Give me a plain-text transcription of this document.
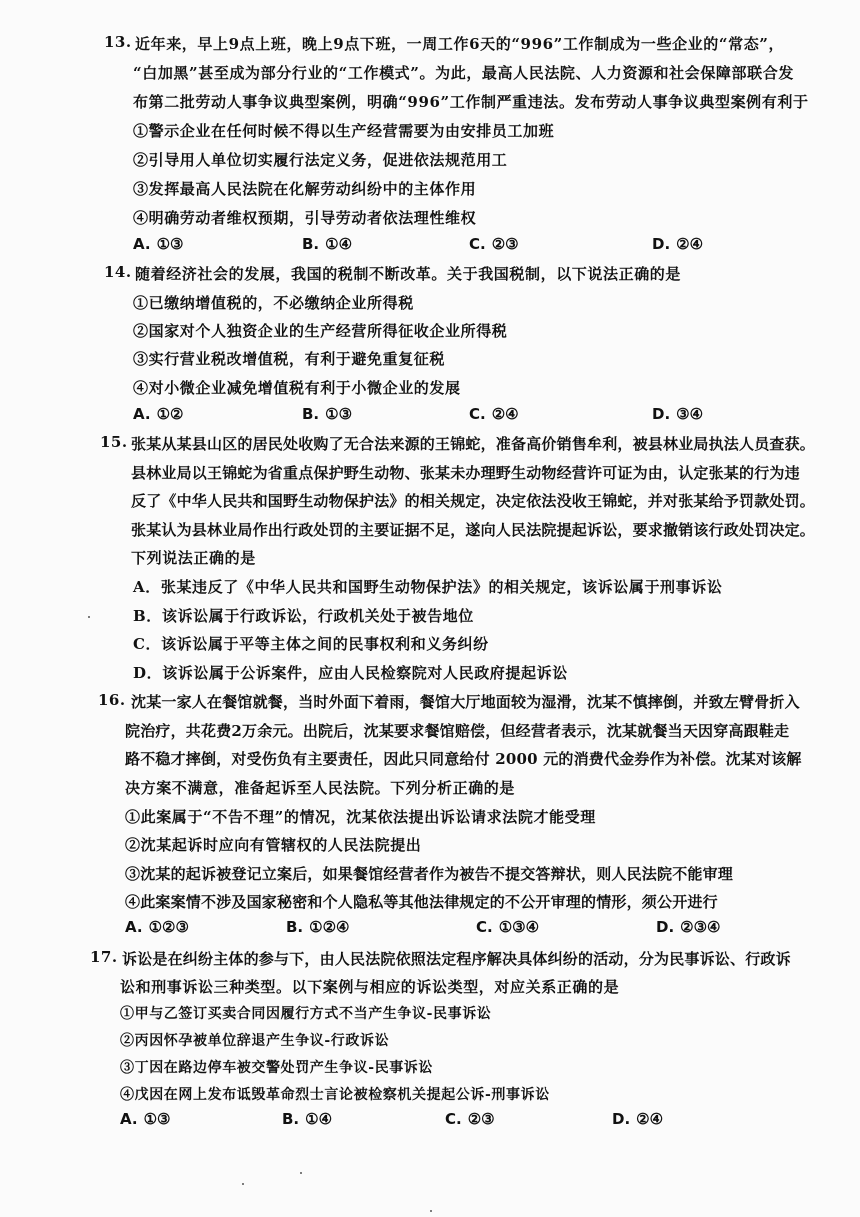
13. 近年来，早上9点上班，晚上9点下班，一周工作6天的“996”工作制成为一些企业的“常态”，
“白加黑”甚至成为部分行业的“工作模式”。为此，最高人民法院、人力资源和社会保障部联合发
布第二批劳动人事争议典型案例，明确“996”工作制严重违法。发布劳动人事争议典型案例有利于
①警示企业在任何时候不得以生产经营需要为由安排员工加班
②引导用人单位切实履行法定义务，促进依法规范用工
③发挥最高人民法院在化解劳动纠纷中的主体作用
④明确劳动者维权预期，引导劳动者依法理性维权
A. ①③	B. ①④	C. ②③	D. ②④
14. 随着经济社会的发展，我国的税制不断改革。关于我国税制，以下说法正确的是
①已缴纳增值税的，不必缴纳企业所得税
②国家对个人独资企业的生产经营所得征收企业所得税
③实行营业税改增值税，有利于避免重复征税
④对小微企业减免增值税有利于小微企业的发展
A. ①②	B. ①③	C. ②④	D. ③④
15. 张某从某县山区的居民处收购了无合法来源的王锦蛇，准备高价销售牟利，被县林业局执法人员查获。
县林业局以王锦蛇为省重点保护野生动物、张某未办理野生动物经营许可证为由，认定张某的行为违
反了《中华人民共和国野生动物保护法》的相关规定，决定依法没收王锦蛇，并对张某给予罚款处罚。
张某认为县林业局作出行政处罚的主要证据不足，遂向人民法院提起诉讼，要求撤销该行政处罚决定。
下列说法正确的是
A．张某违反了《中华人民共和国野生动物保护法》的相关规定，该诉讼属于刑事诉讼
B．该诉讼属于行政诉讼，行政机关处于被告地位
C．该诉讼属于平等主体之间的民事权利和义务纠纷
D．该诉讼属于公诉案件，应由人民检察院对人民政府提起诉讼
16. 沈某一家人在餐馆就餐，当时外面下着雨，餐馆大厅地面较为湿滑，沈某不慎摔倒，并致左臂骨折入
院治疗，共花费2万余元。出院后，沈某要求餐馆赔偿，但经营者表示，沈某就餐当天因穿高跟鞋走
路不稳才摔倒，对受伤负有主要责任，因此只同意给付 2000 元的消费代金券作为补偿。沈某对该解
决方案不满意，准备起诉至人民法院。下列分析正确的是
①此案属于“不告不理”的情况，沈某依法提出诉讼请求法院才能受理
②沈某起诉时应向有管辖权的人民法院提出
③沈某的起诉被登记立案后，如果餐馆经营者作为被告不提交答辩状，则人民法院不能审理
④此案案情不涉及国家秘密和个人隐私等其他法律规定的不公开审理的情形，须公开进行
A. ①②③	B. ①②④	C. ①③④	D. ②③④
17. 诉讼是在纠纷主体的参与下，由人民法院依照法定程序解决具体纠纷的活动，分为民事诉讼、行政诉
讼和刑事诉讼三种类型。以下案例与相应的诉讼类型，对应关系正确的是
①甲与乙签订买卖合同因履行方式不当产生争议-民事诉讼
②丙因怀孕被单位辞退产生争议-行政诉讼
③丁因在路边停车被交警处罚产生争议-民事诉讼
④戊因在网上发布诋毁革命烈士言论被检察机关提起公诉-刑事诉讼
A. ①③	B. ①④	C. ②③	D. ②④
